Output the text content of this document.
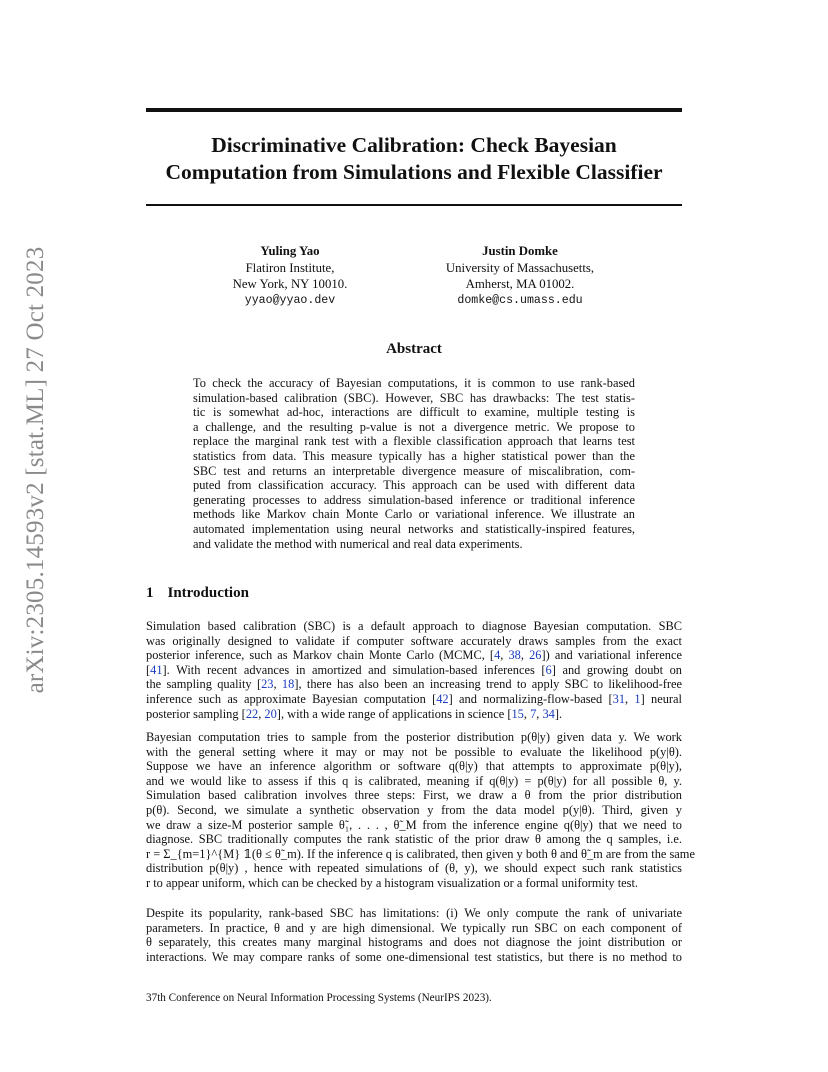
arXiv:2305.14593v2 [stat.ML] 27 Oct 2023
Discriminative Calibration: Check Bayesian
Computation from Simulations and Flexible Classifier
Yuling Yao
Flatiron Institute,
New York, NY 10010.
yyao@yyao.dev
Justin Domke
University of Massachusetts,
Amherst, MA 01002.
domke@cs.umass.edu
Abstract
To check the accuracy of Bayesian computations, it is common to use rank-based
simulation-based calibration (SBC). However, SBC has drawbacks: The test statis-
tic is somewhat ad-hoc, interactions are difficult to examine, multiple testing is
a challenge, and the resulting p-value is not a divergence metric. We propose to
replace the marginal rank test with a flexible classification approach that learns test
statistics from data. This measure typically has a higher statistical power than the
SBC test and returns an interpretable divergence measure of miscalibration, com-
puted from classification accuracy. This approach can be used with different data
generating processes to address simulation-based inference or traditional inference
methods like Markov chain Monte Carlo or variational inference. We illustrate an
automated implementation using neural networks and statistically-inspired features,
and validate the method with numerical and real data experiments.
1 Introduction
Simulation based calibration (SBC) is a default approach to diagnose Bayesian computation. SBC
was originally designed to validate if computer software accurately draws samples from the exact
posterior inference, such as Markov chain Monte Carlo (MCMC, [4, 38, 26]) and variational inference
[41]. With recent advances in amortized and simulation-based inferences [6] and growing doubt on
the sampling quality [23, 18], there has also been an increasing trend to apply SBC to likelihood-free
inference such as approximate Bayesian computation [42] and normalizing-flow-based [31, 1] neural
posterior sampling [22, 20], with a wide range of applications in science [15, 7, 34].
Bayesian computation tries to sample from the posterior distribution p(θ|y) given data y. We work
with the general setting where it may or may not be possible to evaluate the likelihood p(y|θ).
Suppose we have an inference algorithm or software q(θ|y) that attempts to approximate p(θ|y),
and we would like to assess if this q is calibrated, meaning if q(θ|y) = p(θ|y) for all possible θ, y.
Simulation based calibration involves three steps: First, we draw a θ from the prior distribution
p(θ). Second, we simulate a synthetic observation y from the data model p(y|θ). Third, given y
we draw a size-M posterior sample θ̃₁, . . . , θ̃_M from the inference engine q(θ|y) that we need to
diagnose. SBC traditionally computes the rank statistic of the prior draw θ among the q samples, i.e.
r = Σ_{m=1}^{M} 𝟙(θ ≤ θ̃_m). If the inference q is calibrated, then given y both θ and θ̃_m are from the same
distribution p(θ|y) , hence with repeated simulations of (θ, y), we should expect such rank statistics
r to appear uniform, which can be checked by a histogram visualization or a formal uniformity test.
Despite its popularity, rank-based SBC has limitations: (i) We only compute the rank of univariate
parameters. In practice, θ and y are high dimensional. We typically run SBC on each component of
θ separately, this creates many marginal histograms and does not diagnose the joint distribution or
interactions. We may compare ranks of some one-dimensional test statistics, but there is no method to

37th Conference on Neural Information Processing Systems (NeurIPS 2023).
